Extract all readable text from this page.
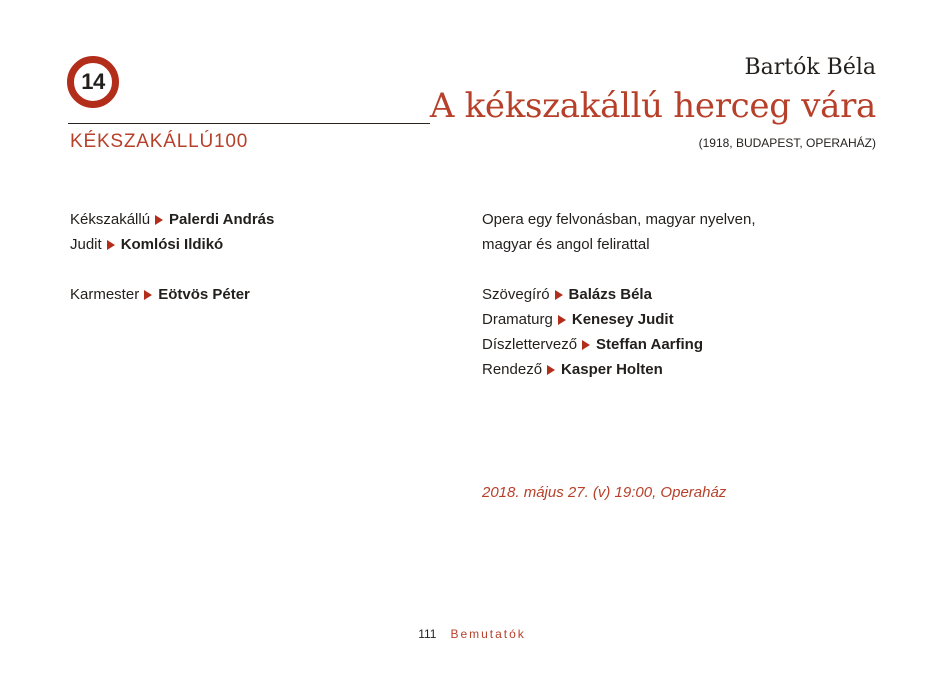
14
KÉKSZAKÁLLÚ100
Bartók Béla
A kékszakállú herceg vára
(1918, BUDAPEST, OPERAHÁZ)
Kékszakállú Palerdi András
Judit Komlósi Ildikó
Karmester Eötvös Péter
Opera egy felvonásban, magyar nyelven,
magyar és angol felirattal
Szövegíró Balázs Béla
Dramaturg Kenesey Judit
Díszlettervező Steffan Aarfing
Rendező Kasper Holten
2018. május 27. (v) 19:00, Operaház
111 Bemutatók
